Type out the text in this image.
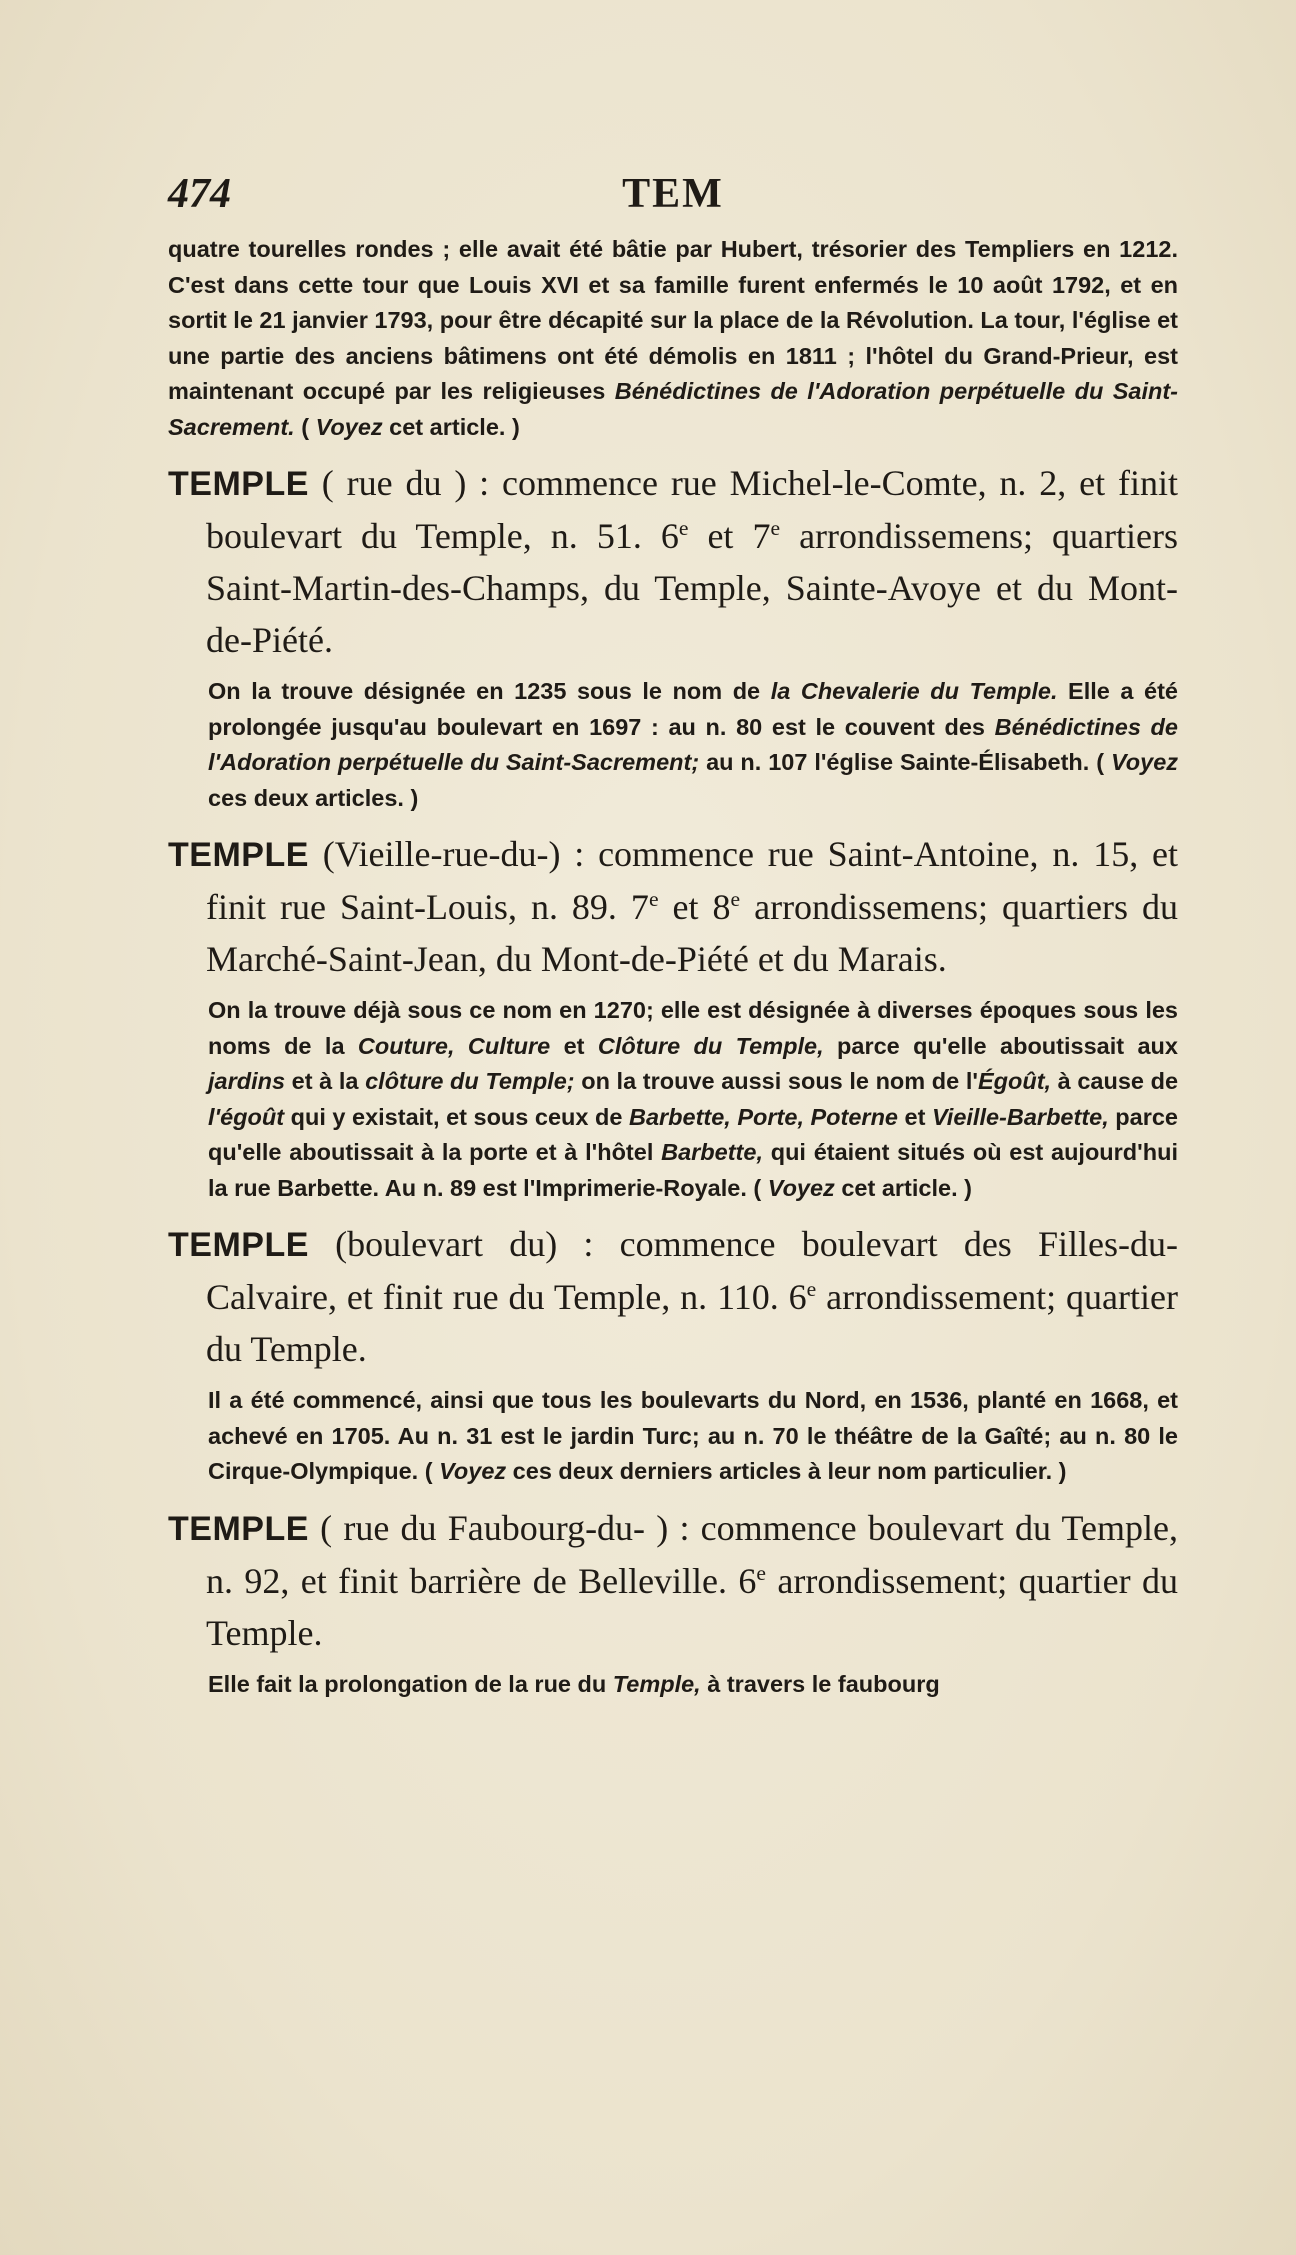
474	TEM

quatre tourelles rondes ; elle avait été bâtie par Hubert, trésorier des Templiers en 1212. C'est dans cette tour que Louis XVI et sa famille furent enfermés le 10 août 1792, et en sortit le 21 janvier 1793, pour être décapité sur la place de la Révolution. La tour, l'église et une partie des anciens bâtimens ont été démolis en 1811 ; l'hôtel du Grand-Prieur, est maintenant occupé par les religieuses Bénédictines de l'Adoration perpétuelle du Saint-Sacrement. ( Voyez cet article. )

TEMPLE ( rue du ) : commence rue Michel-le-Comte, n. 2, et finit boulevart du Temple, n. 51. 6e et 7e arrondissemens; quartiers Saint-Martin-des-Champs, du Temple, Sainte-Avoye et du Mont-de-Piété.

On la trouve désignée en 1235 sous le nom de la Chevalerie du Temple. Elle a été prolongée jusqu'au boulevart en 1697 : au n. 80 est le couvent des Bénédictines de l'Adoration perpétuelle du Saint-Sacrement; au n. 107 l'église Sainte-Élisabeth. ( Voyez ces deux articles. )

TEMPLE (Vieille-rue-du-) : commence rue Saint-Antoine, n. 15, et finit rue Saint-Louis, n. 89. 7e et 8e arrondissemens; quartiers du Marché-Saint-Jean, du Mont-de-Piété et du Marais.

On la trouve déjà sous ce nom en 1270; elle est désignée à diverses époques sous les noms de la Couture, Culture et Clôture du Temple, parce qu'elle aboutissait aux jardins et à la clôture du Temple; on la trouve aussi sous le nom de l'Égoût, à cause de l'égoût qui y existait, et sous ceux de Barbette, Porte, Poterne et Vieille-Barbette, parce qu'elle aboutissait à la porte et à l'hôtel Barbette, qui étaient situés où est aujourd'hui la rue Barbette. Au n. 89 est l'Imprimerie-Royale. ( Voyez cet article. )

TEMPLE (boulevart du) : commence boulevart des Filles-du-Calvaire, et finit rue du Temple, n. 110. 6e arrondissement; quartier du Temple.

Il a été commencé, ainsi que tous les boulevarts du Nord, en 1536, planté en 1668, et achevé en 1705. Au n. 31 est le jardin Turc; au n. 70 le théâtre de la Gaîté; au n. 80 le Cirque-Olympique. ( Voyez ces deux derniers articles à leur nom particulier. )

TEMPLE ( rue du Faubourg-du- ) : commence boulevart du Temple, n. 92, et finit barrière de Belleville. 6e arrondissement; quartier du Temple.

Elle fait la prolongation de la rue du Temple, à travers le faubourg
